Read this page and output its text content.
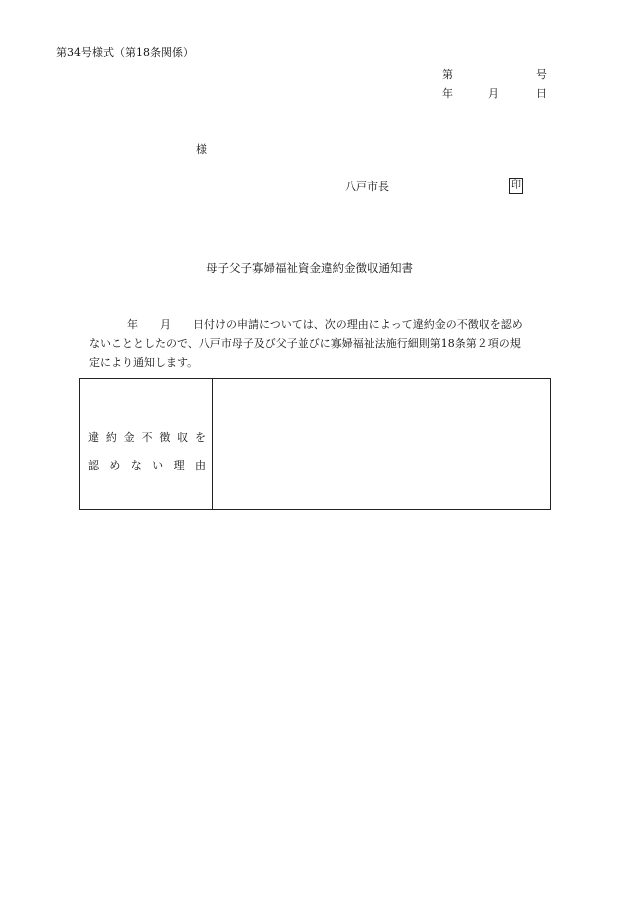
第34号様式（第18条関係）
第	号
年	月	日
様
八戸市長	印
母子父子寡婦福祉資金違約金徴収通知書
年 月 日付けの申請については、次の理由によって違約金の不徴収を認め
ないこととしたので、八戸市母子及び父子並びに寡婦福祉法施行細則第18条第２項の規
定により通知します。
違 約 金 不 徴 収 を
認 め な い 理 由
